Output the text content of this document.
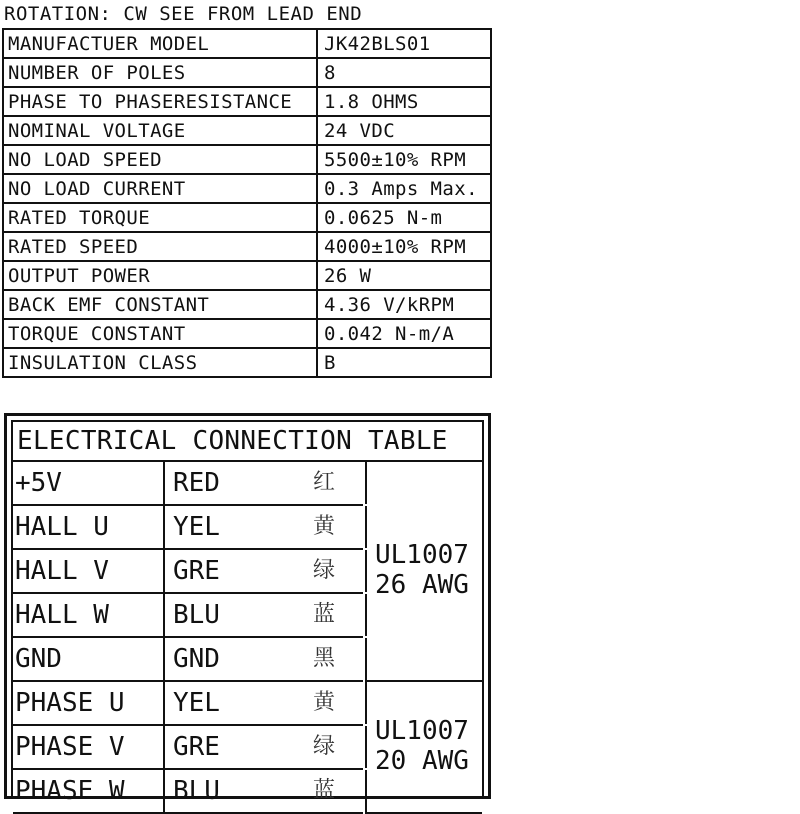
ROTATION: CW SEE FROM LEAD END
MANUFACTUER MODEL	JK42BLS01
NUMBER OF POLES	8
PHASE TO PHASERESISTANCE	1.8 OHMS
NOMINAL VOLTAGE	24 VDC
NO LOAD SPEED	5500±10% RPM
NO LOAD CURRENT	0.3 Amps Max.
RATED TORQUE	0.0625 N-m
RATED SPEED	4000±10% RPM
OUTPUT POWER	26 W
BACK EMF CONSTANT	4.36 V/kRPM
TORQUE CONSTANT	0.042 N-m/A
INSULATION CLASS	B
ELECTRICAL CONNECTION TABLE
+5V	RED	红
HALL U	YEL	黄
HALL V	GRE	绿
HALL W	BLU	蓝
GND	GND	黑
PHASE U	YEL	黄
PHASE V	GRE	绿
PHASE W	BLU	蓝
UL1007
26 AWG
UL1007
20 AWG
